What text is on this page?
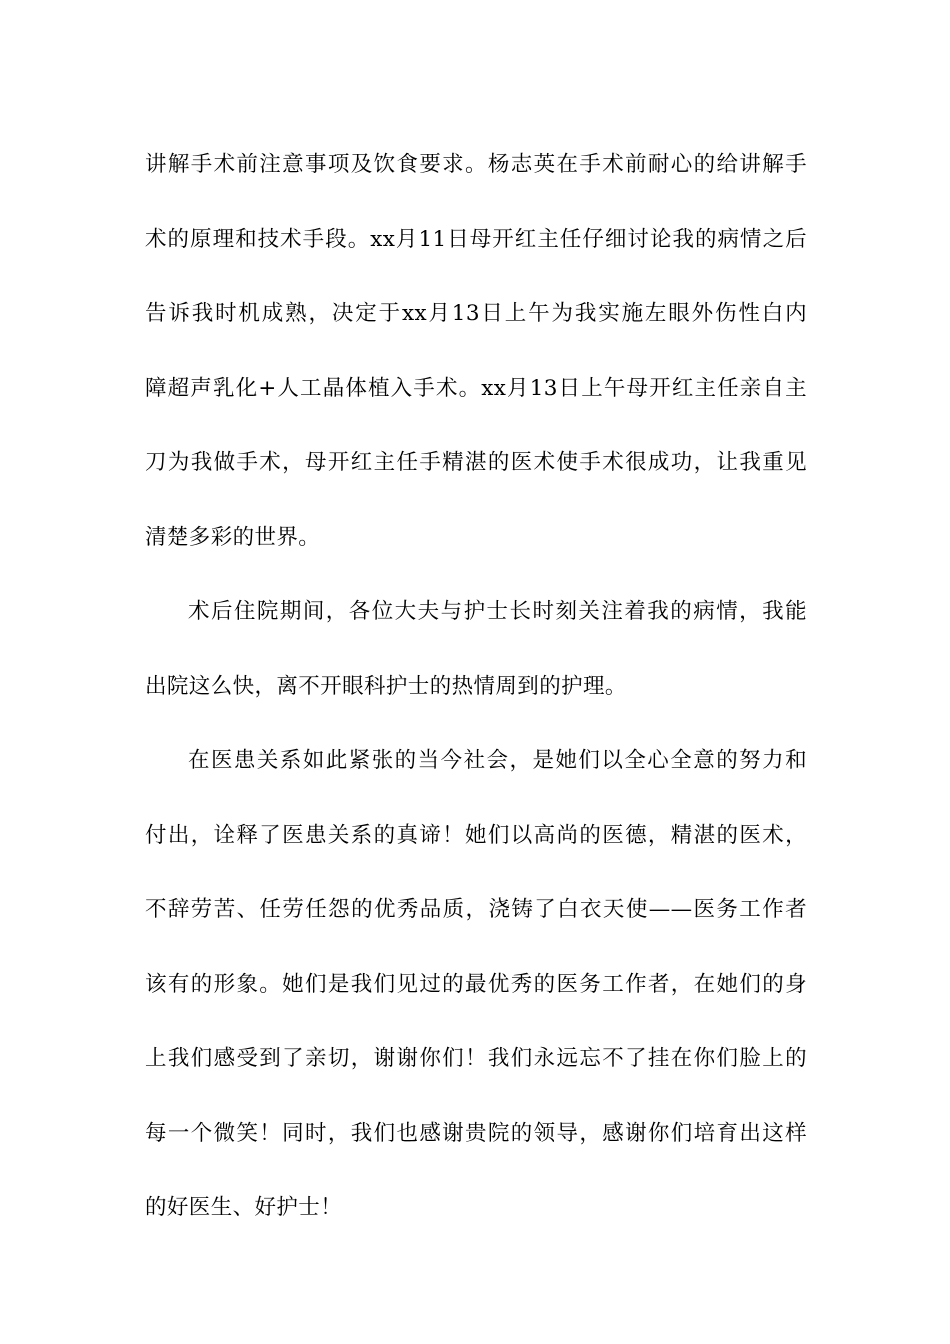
讲解手术前注意事项及饮食要求。杨志英在手术前耐心的给讲解手
术的原理和技术手段。xx月11日母开红主任仔细讨论我的病情之后
告诉我时机成熟，决定于xx月13日上午为我实施左眼外伤性白内
障超声乳化+人工晶体植入手术。xx月13日上午母开红主任亲自主
刀为我做手术，母开红主任手精湛的医术使手术很成功，让我重见
清楚多彩的世界。

术后住院期间，各位大夫与护士长时刻关注着我的病情，我能
出院这么快，离不开眼科护士的热情周到的护理。

在医患关系如此紧张的当今社会，是她们以全心全意的努力和
付出，诠释了医患关系的真谛！她们以高尚的医德，精湛的医术，
不辞劳苦、任劳任怨的优秀品质，浇铸了白衣天使——医务工作者
该有的形象。她们是我们见过的最优秀的医务工作者，在她们的身
上我们感受到了亲切，谢谢你们！我们永远忘不了挂在你们脸上的
每一个微笑！同时，我们也感谢贵院的领导，感谢你们培育出这样
的好医生、好护士！
